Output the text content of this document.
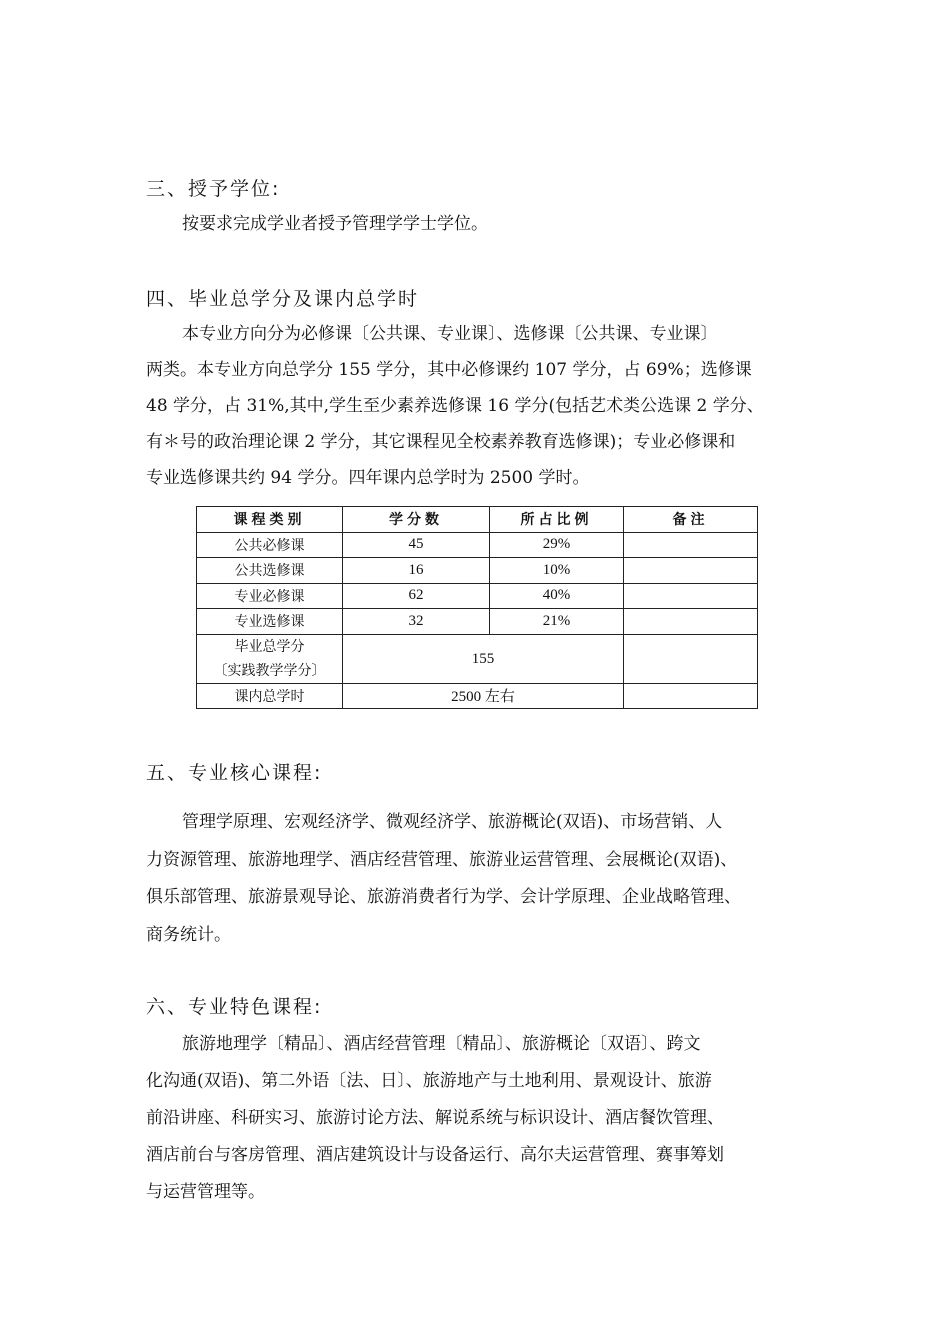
三、授予学位:
按要求完成学业者授予管理学学士学位。
四、毕业总学分及课内总学时
本专业方向分为必修课〔公共课、专业课〕、选修课〔公共课、专业课〕
两类。本专业方向总学分 155 学分，其中必修课约 107 学分，占 69%；选修课
48 学分，占 31%,其中,学生至少素养选修课 16 学分(包括艺术类公选课 2 学分、
有＊号的政治理论课 2 学分，其它课程见全校素养教育选修课)；专业必修课和
专业选修课共约 94 学分。四年课内总学时为 2500 学时。
课程类别	学分数	所占比例	备注
公共必修课	45	29%	
公共选修课	16	10%	
专业必修课	62	40%	
专业选修课	32	21%	
毕业总学分
〔实践教学学分〕	155		
课内总学时	2500 左右		
五、专业核心课程:
管理学原理、宏观经济学、微观经济学、旅游概论(双语)、市场营销、人
力资源管理、旅游地理学、酒店经营管理、旅游业运营管理、会展概论(双语)、
俱乐部管理、旅游景观导论、旅游消费者行为学、会计学原理、企业战略管理、
商务统计。
六、专业特色课程:
旅游地理学〔精品〕、酒店经营管理〔精品〕、旅游概论〔双语〕、跨文
化沟通(双语)、第二外语〔法、日〕、旅游地产与土地利用、景观设计、旅游
前沿讲座、科研实习、旅游讨论方法、解说系统与标识设计、酒店餐饮管理、
酒店前台与客房管理、酒店建筑设计与设备运行、高尔夫运营管理、赛事筹划
与运营管理等。
